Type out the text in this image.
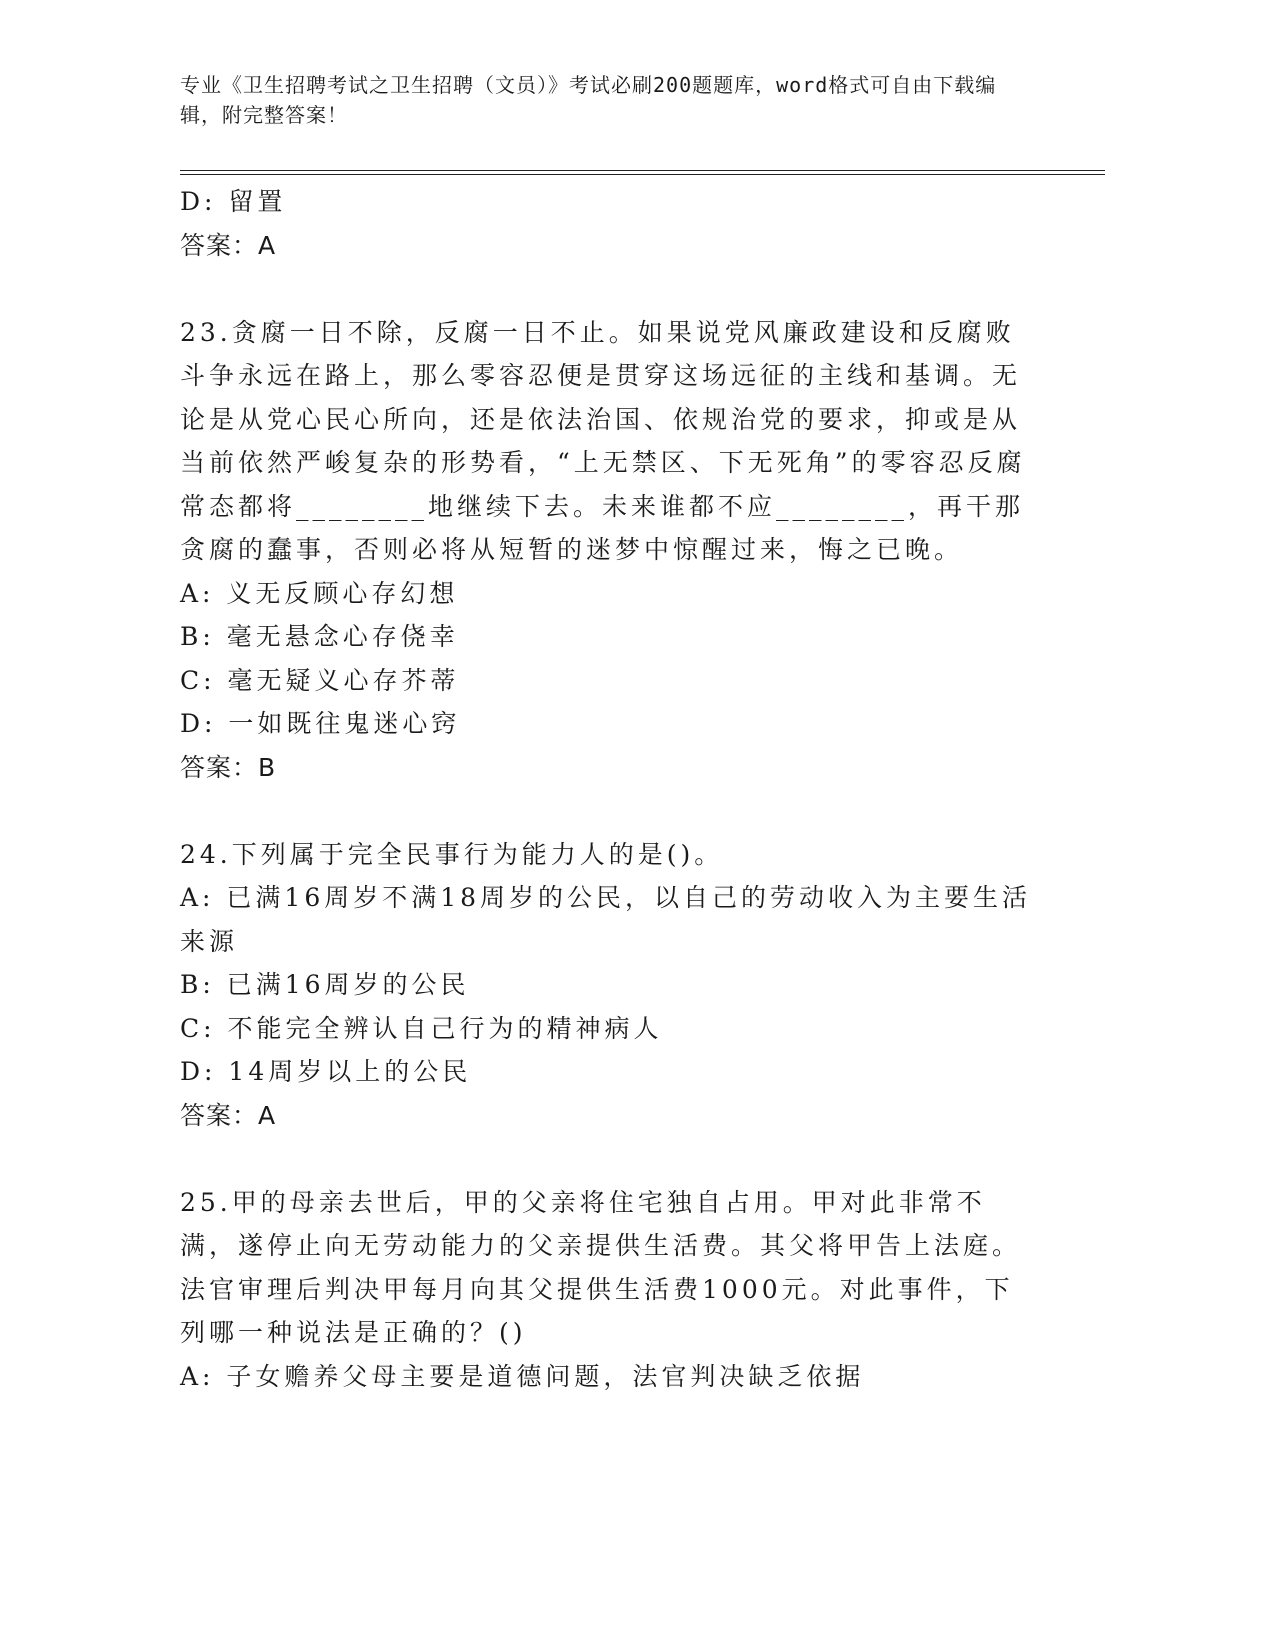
专业《卫生招聘考试之卫生招聘（文员）》考试必刷200题题库，word格式可自由下载编辑，附完整答案！

D: 留置

答案：A

23.贪腐一日不除，反腐一日不止。如果说党风廉政建设和反腐败斗争永远在路上，那么零容忍便是贯穿这场远征的主线和基调。无论是从党心民心所向，还是依法治国、依规治党的要求，抑或是从当前依然严峻复杂的形势看，“上无禁区、下无死角”的零容忍反腐常态都将________地继续下去。未来谁都不应________，再干那贪腐的蠢事，否则必将从短暂的迷梦中惊醒过来，悔之已晚。

A: 义无反顾心存幻想

B: 毫无悬念心存侥幸

C: 毫无疑义心存芥蒂

D: 一如既往鬼迷心窍

答案：B

24.下列属于完全民事行为能力人的是()。

A: 已满16周岁不满18周岁的公民，以自己的劳动收入为主要生活来源

B: 已满16周岁的公民

C: 不能完全辨认自己行为的精神病人

D: 14周岁以上的公民

答案：A

25.甲的母亲去世后，甲的父亲将住宅独自占用。甲对此非常不满，遂停止向无劳动能力的父亲提供生活费。其父将甲告上法庭。法官审理后判决甲每月向其父提供生活费1000元。对此事件，下列哪一种说法是正确的？()

A: 子女赡养父母主要是道德问题，法官判决缺乏依据
